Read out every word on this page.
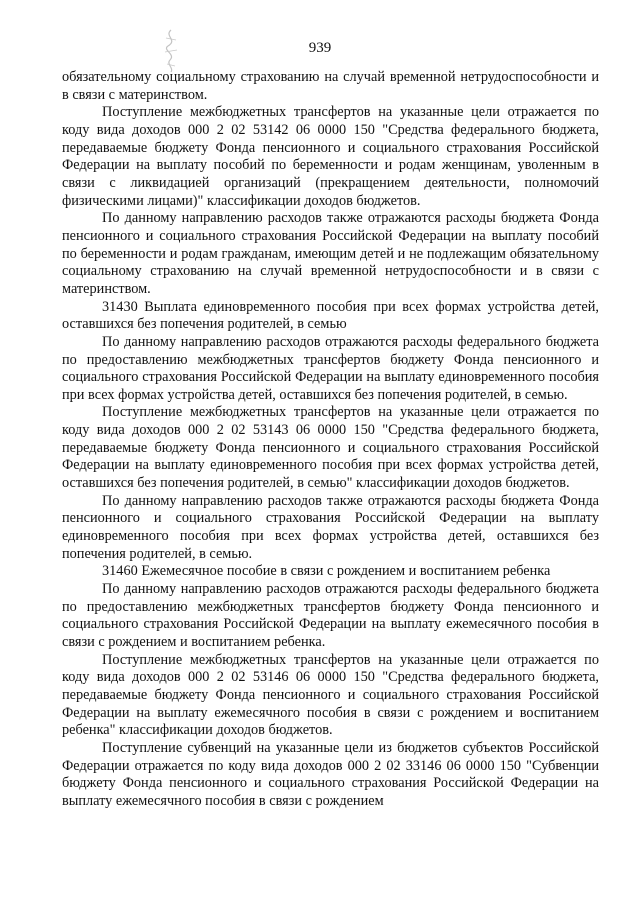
939

обязательному социальному страхованию на случай временной нетрудоспособности и в связи с материнством.

Поступление межбюджетных трансфертов на указанные цели отражается по коду вида доходов 000 2 02 53142 06 0000 150 "Средства федерального бюджета, передаваемые бюджету Фонда пенсионного и социального страхования Российской Федерации на выплату пособий по беременности и родам женщинам, уволенным в связи с ликвидацией организаций (прекращением деятельности, полномочий физическими лицами)" классификации доходов бюджетов.

По данному направлению расходов также отражаются расходы бюджета Фонда пенсионного и социального страхования Российской Федерации на выплату пособий по беременности и родам гражданам, имеющим детей и не подлежащим обязательному социальному страхованию на случай временной нетрудоспособности и в связи с материнством.

31430 Выплата единовременного пособия при всех формах устройства детей, оставшихся без попечения родителей, в семью

По данному направлению расходов отражаются расходы федерального бюджета по предоставлению межбюджетных трансфертов бюджету Фонда пенсионного и социального страхования Российской Федерации на выплату единовременного пособия при всех формах устройства детей, оставшихся без попечения родителей, в семью.

Поступление межбюджетных трансфертов на указанные цели отражается по коду вида доходов 000 2 02 53143 06 0000 150 "Средства федерального бюджета, передаваемые бюджету Фонда пенсионного и социального страхования Российской Федерации на выплату единовременного пособия при всех формах устройства детей, оставшихся без попечения родителей, в семью" классификации доходов бюджетов.

По данному направлению расходов также отражаются расходы бюджета Фонда пенсионного и социального страхования Российской Федерации на выплату единовременного пособия при всех формах устройства детей, оставшихся без попечения родителей, в семью.

31460 Ежемесячное пособие в связи с рождением и воспитанием ребенка

По данному направлению расходов отражаются расходы федерального бюджета по предоставлению межбюджетных трансфертов бюджету Фонда пенсионного и социального страхования Российской Федерации на выплату ежемесячного пособия в связи с рождением и воспитанием ребенка.

Поступление межбюджетных трансфертов на указанные цели отражается по коду вида доходов 000 2 02 53146 06 0000 150 "Средства федерального бюджета, передаваемые бюджету Фонда пенсионного и социального страхования Российской Федерации на выплату ежемесячного пособия в связи с рождением и воспитанием ребенка" классификации доходов бюджетов.

Поступление субвенций на указанные цели из бюджетов субъектов Российской Федерации отражается по коду вида доходов 000 2 02 33146 06 0000 150 "Субвенции бюджету Фонда пенсионного и социального страхования Российской Федерации на выплату ежемесячного пособия в связи с рождением
